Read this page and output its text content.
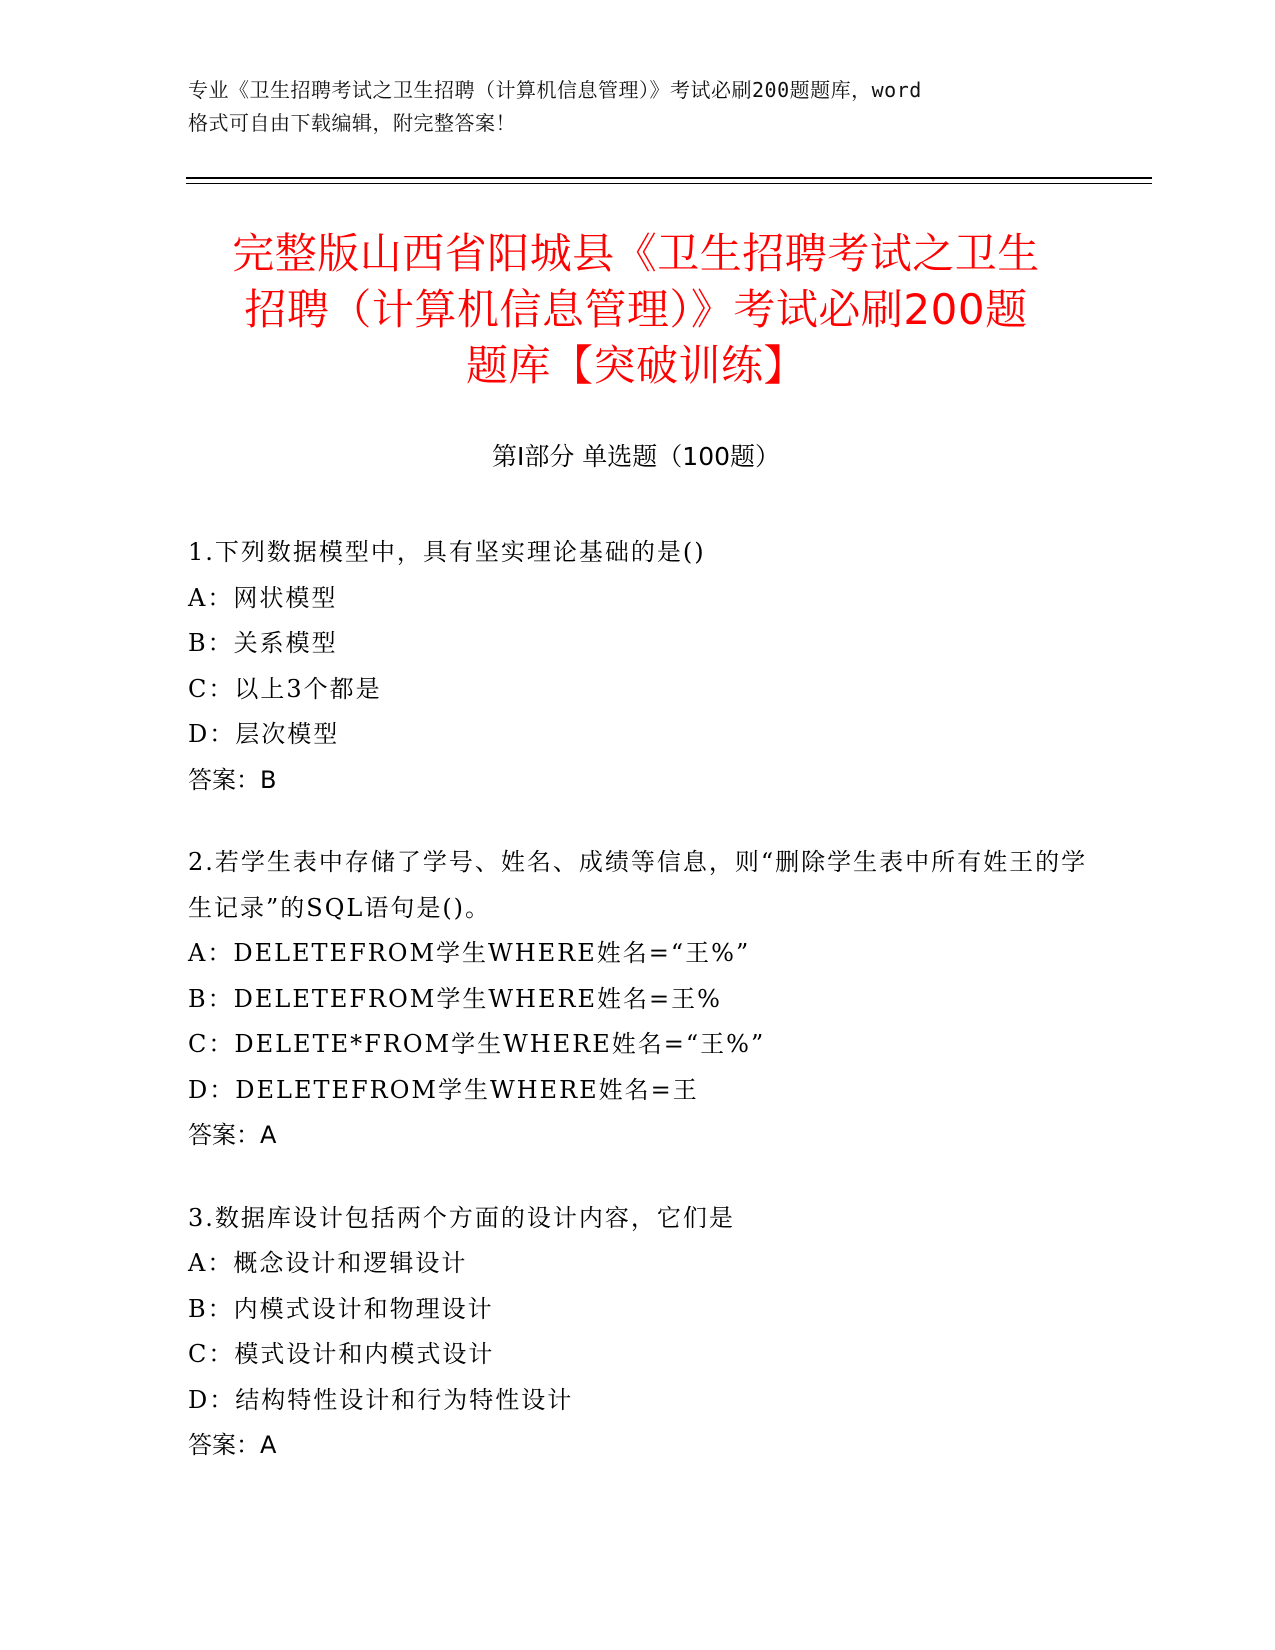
专业《卫生招聘考试之卫生招聘（计算机信息管理）》考试必刷200题题库，word
格式可自由下载编辑，附完整答案！
完整版山西省阳城县《卫生招聘考试之卫生
招聘（计算机信息管理）》考试必刷200题
题库【突破训练】
第Ⅰ部分 单选题（100题）

1.下列数据模型中，具有坚实理论基础的是()

A：网状模型

B：关系模型

C：以上3个都是

D：层次模型

答案：B

2.若学生表中存储了学号、姓名、成绩等信息，则“删除学生表中所有姓王的学生记录”的SQL语句是()。

A：DELETEFROM学生WHERE姓名=“王%”

B：DELETEFROM学生WHERE姓名=王%

C：DELETE*FROM学生WHERE姓名=“王%”

D：DELETEFROM学生WHERE姓名=王

答案：A

3.数据库设计包括两个方面的设计内容，它们是

A：概念设计和逻辑设计

B：内模式设计和物理设计

C：模式设计和内模式设计

D：结构特性设计和行为特性设计

答案：A
